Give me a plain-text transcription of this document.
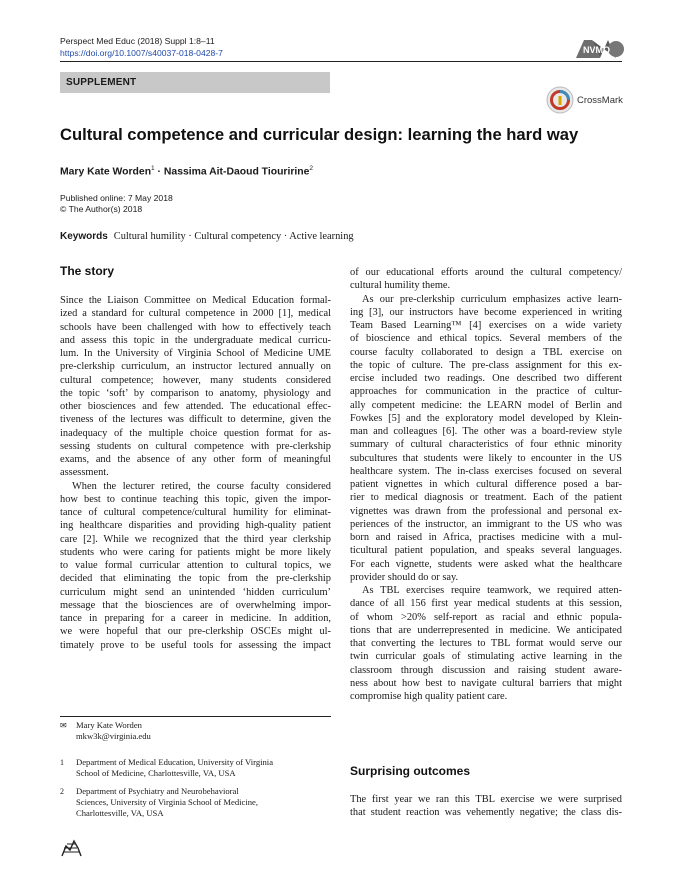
Perspect Med Educ (2018) Suppl 1:8–11
https://doi.org/10.1007/s40037-018-0428-7	NVMO
SUPPLEMENT
CrossMark
Cultural competence and curricular design: learning the hard way
Mary Kate Worden$^1$ · Nassima Ait-Daoud Tiouririne$^2$
Published online: 7 May 2018
© The Author(s) 2018
Keywords Cultural humility · Cultural competency · Active learning
The story
Surprising outcomes
Since the Liaison Committee on Medical Education formal-
ized a standard for cultural competence in 2000 [1], medical
schools have been challenged with how to effectively teach
and assess this topic in the undergraduate medical curricu-
lum. In the University of Virginia School of Medicine UME
pre-clerkship curriculum, an instructor lectured annually on
cultural competence; however, many students considered
the topic ‘soft’ by comparison to anatomy, physiology and
other biosciences and few attended. The educational effec-
tiveness of the lectures was difficult to determine, given the
inadequacy of the multiple choice question format for as-
sessing students on cultural competence with pre-clerkship
exams, and the absence of any other form of meaningful
assessment.
When the lecturer retired, the course faculty considered
how best to continue teaching this topic, given the impor-
tance of cultural competence/cultural humility for eliminat-
ing healthcare disparities and providing high-quality patient
care [2]. While we recognized that the third year clerkship
students who were caring for patients might be more likely
to value formal curricular attention to cultural topics, we
decided that eliminating the topic from the pre-clerkship
curriculum might send an unintended ‘hidden curriculum’
message that the biosciences are of overwhelming impor-
tance in preparing for a career in medicine. In addition,
we were hopeful that our pre-clerkship OSCEs might ul-
timately prove to be useful tools for assessing the impact
of our educational efforts around the cultural competency/
cultural humility theme.
As our pre-clerkship curriculum emphasizes active learn-
ing [3], our instructors have become experienced in writing
Team Based Learning™ [4] exercises on a wide variety
of bioscience and ethical topics. Several members of the
course faculty collaborated to design a TBL exercise on
the topic of culture. The pre-class assignment for this ex-
ercise included two readings. One described two different
approaches for communication in the practice of cultur-
ally competent medicine: the LEARN model of Berlin and
Fowkes [5] and the exploratory model developed by Klein-
man and colleagues [6]. The other was a board-review style
summary of cultural characteristics of four ethnic minority
subcultures that students were likely to encounter in the US
healthcare system. The in-class exercises focused on several
patient vignettes in which cultural difference posed a bar-
rier to medical diagnosis or treatment. Each of the patient
vignettes was drawn from the professional and personal ex-
periences of the instructor, an immigrant to the US who was
born and raised in Africa, practises medicine with a mul-
ticultural patient population, and speaks several languages.
For each vignette, students were asked what the healthcare
provider should do or say.
As TBL exercises require teamwork, we required atten-
dance of all 156 first year medical students at this session,
of whom >20% self-report as racial and ethnic popula-
tions that are underrepresented in medicine. We anticipated
that converting the lectures to TBL format would serve our
twin curricular goals of stimulating active learning in the
classroom through discussion and raising student aware-
ness about how best to navigate cultural barriers that might
compromise high quality patient care.
The first year we ran this TBL exercise we were surprised
that student reaction was vehemently negative; the class dis-
✉ Mary Kate Worden
mkw3k@virginia.edu
1 Department of Medical Education, University of Virginia
School of Medicine, Charlottesville, VA, USA
2 Department of Psychiatry and Neurobehavioral
Sciences, University of Virginia School of Medicine,
Charlottesville, VA, USA
